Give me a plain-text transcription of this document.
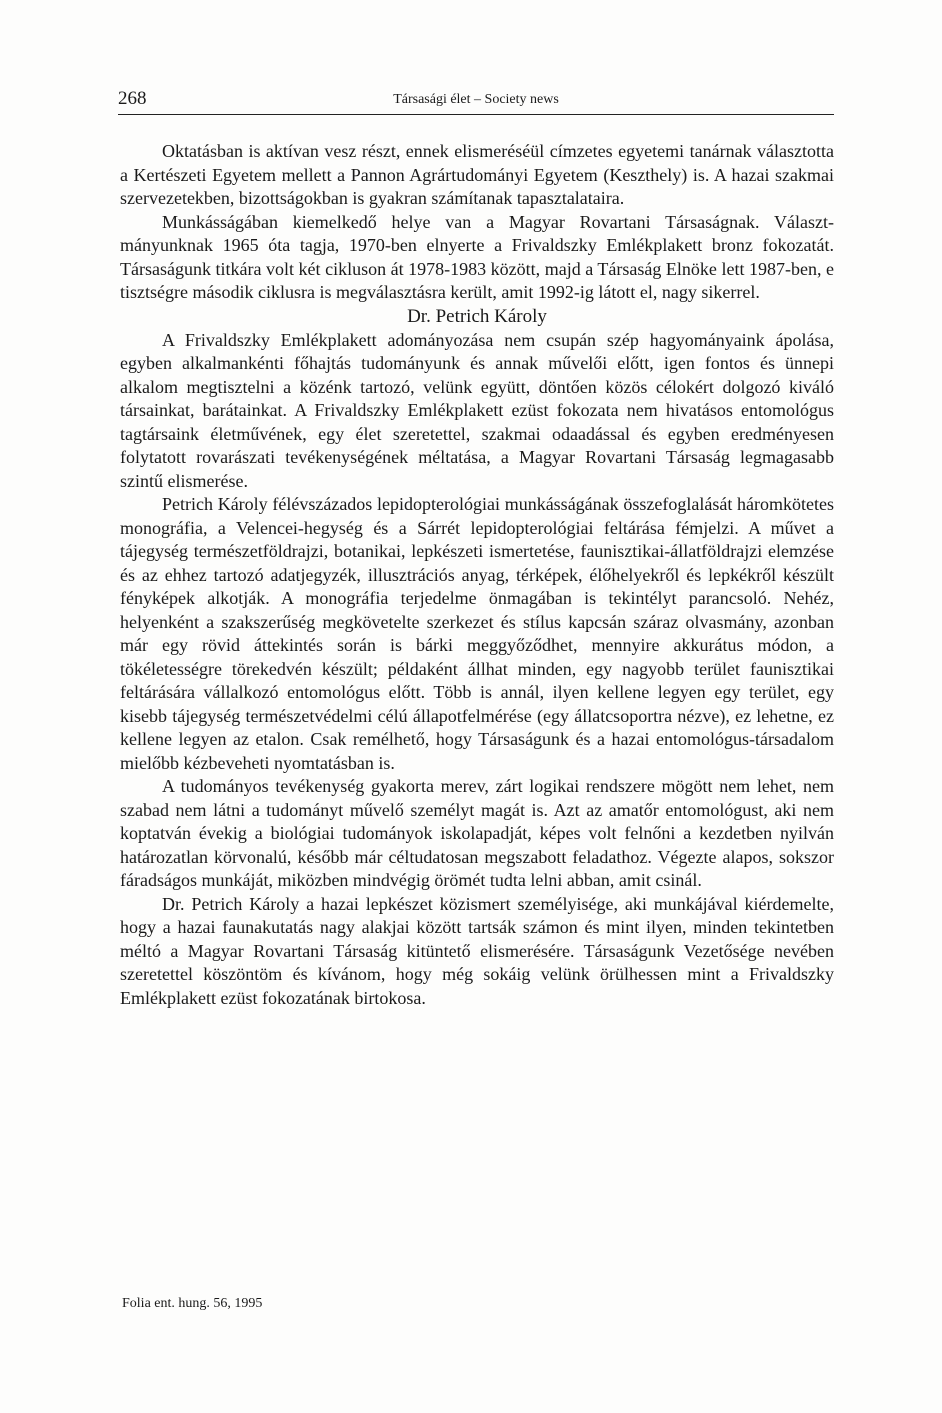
268	Társasági élet – Society news

Oktatásban is aktívan vesz részt, ennek elismeréséül címzetes egyetemi tanárnak választotta a Kertészeti Egyetem mellett a Pannon Agrártudományi Egyetem (Keszthely) is. A hazai szakmai szervezetekben, bizottságokban is gyakran számítanak tapasztalataira.

Munkásságában kiemelkedő helye van a Magyar Rovartani Társaságnak. Választmányunknak 1965 óta tagja, 1970-ben elnyerte a Frivaldszky Emlékplakett bronz fokozatát. Társaságunk titkára volt két cikluson át 1978-1983 között, majd a Társaság Elnöke lett 1987-ben, e tisztségre második ciklusra is megválasztásra került, amit 1992-ig látott el, nagy sikerrel.

Dr. Petrich Károly

A Frivaldszky Emlékplakett adományozása nem csupán szép hagyományaink ápolása, egyben alkalmankénti főhajtás tudományunk és annak művelői előtt, igen fontos és ünnepi alkalom megtisztelni a közénk tartozó, velünk együtt, döntően közös célokért dolgozó kiváló társainkat, barátainkat. A Frivaldszky Emlékplakett ezüst fokozata nem hivatásos entomológus tagtársaink életművének, egy élet szeretettel, szakmai odaadással és egyben eredményesen folytatott rovarászati tevékenységének méltatása, a Magyar Rovartani Társaság legmagasabb szintű elismerése.

Petrich Károly félévszázados lepidopterológiai munkásságának összefoglalását háromkötetes monográfia, a Velencei-hegység és a Sárrét lepidopterológiai feltárása fémjelzi. A művet a tájegység természetföldrajzi, botanikai, lepkészeti ismertetése, faunisztikai-állatföldrajzi elemzése és az ehhez tartozó adatjegyzék, illusztrációs anyag, térképek, élőhelyekről és lepkékről készült fényképek alkotják. A monográfia terjedelme önmagában is tekintélyt parancsoló. Nehéz, helyenként a szakszerűség megkövetelte szerkezet és stílus kapcsán száraz olvasmány, azonban már egy rövid áttekintés során is bárki meggyőződhet, mennyire akkurátus módon, a tökéletességre törekedvén készült; példaként állhat minden, egy nagyobb terület faunisztikai feltárására vállalkozó entomológus előtt. Több is annál, ilyen kellene legyen egy terület, egy kisebb tájegység természetvédelmi célú állapotfelmérése (egy állatcsoportra nézve), ez lehetne, ez kellene legyen az etalon. Csak remélhető, hogy Társaságunk és a hazai entomológus-társadalom mielőbb kézbeveheti nyomtatásban is.

A tudományos tevékenység gyakorta merev, zárt logikai rendszere mögött nem lehet, nem szabad nem látni a tudományt művelő személyt magát is. Azt az amatőr entomológust, aki nem koptatván évekig a biológiai tudományok iskolapadját, képes volt felnőni a kezdetben nyilván határozatlan körvonalú, később már céltudatosan megszabott feladathoz. Végezte alapos, sokszor fáradságos munkáját, miközben mindvégig örömét tudta lelni abban, amit csinál.

Dr. Petrich Károly a hazai lepkészet közismert személyisége, aki munkájával kiérdemelte, hogy a hazai faunakutatás nagy alakjai között tartsák számon és mint ilyen, minden tekintetben méltó a Magyar Rovartani Társaság kitüntető elismerésére. Társaságunk Vezetősége nevében szeretettel köszöntöm és kívánom, hogy még sokáig velünk örülhessen mint a Frivaldszky Emlékplakett ezüst fokozatának birtokosa.

Folia ent. hung. 56, 1995
